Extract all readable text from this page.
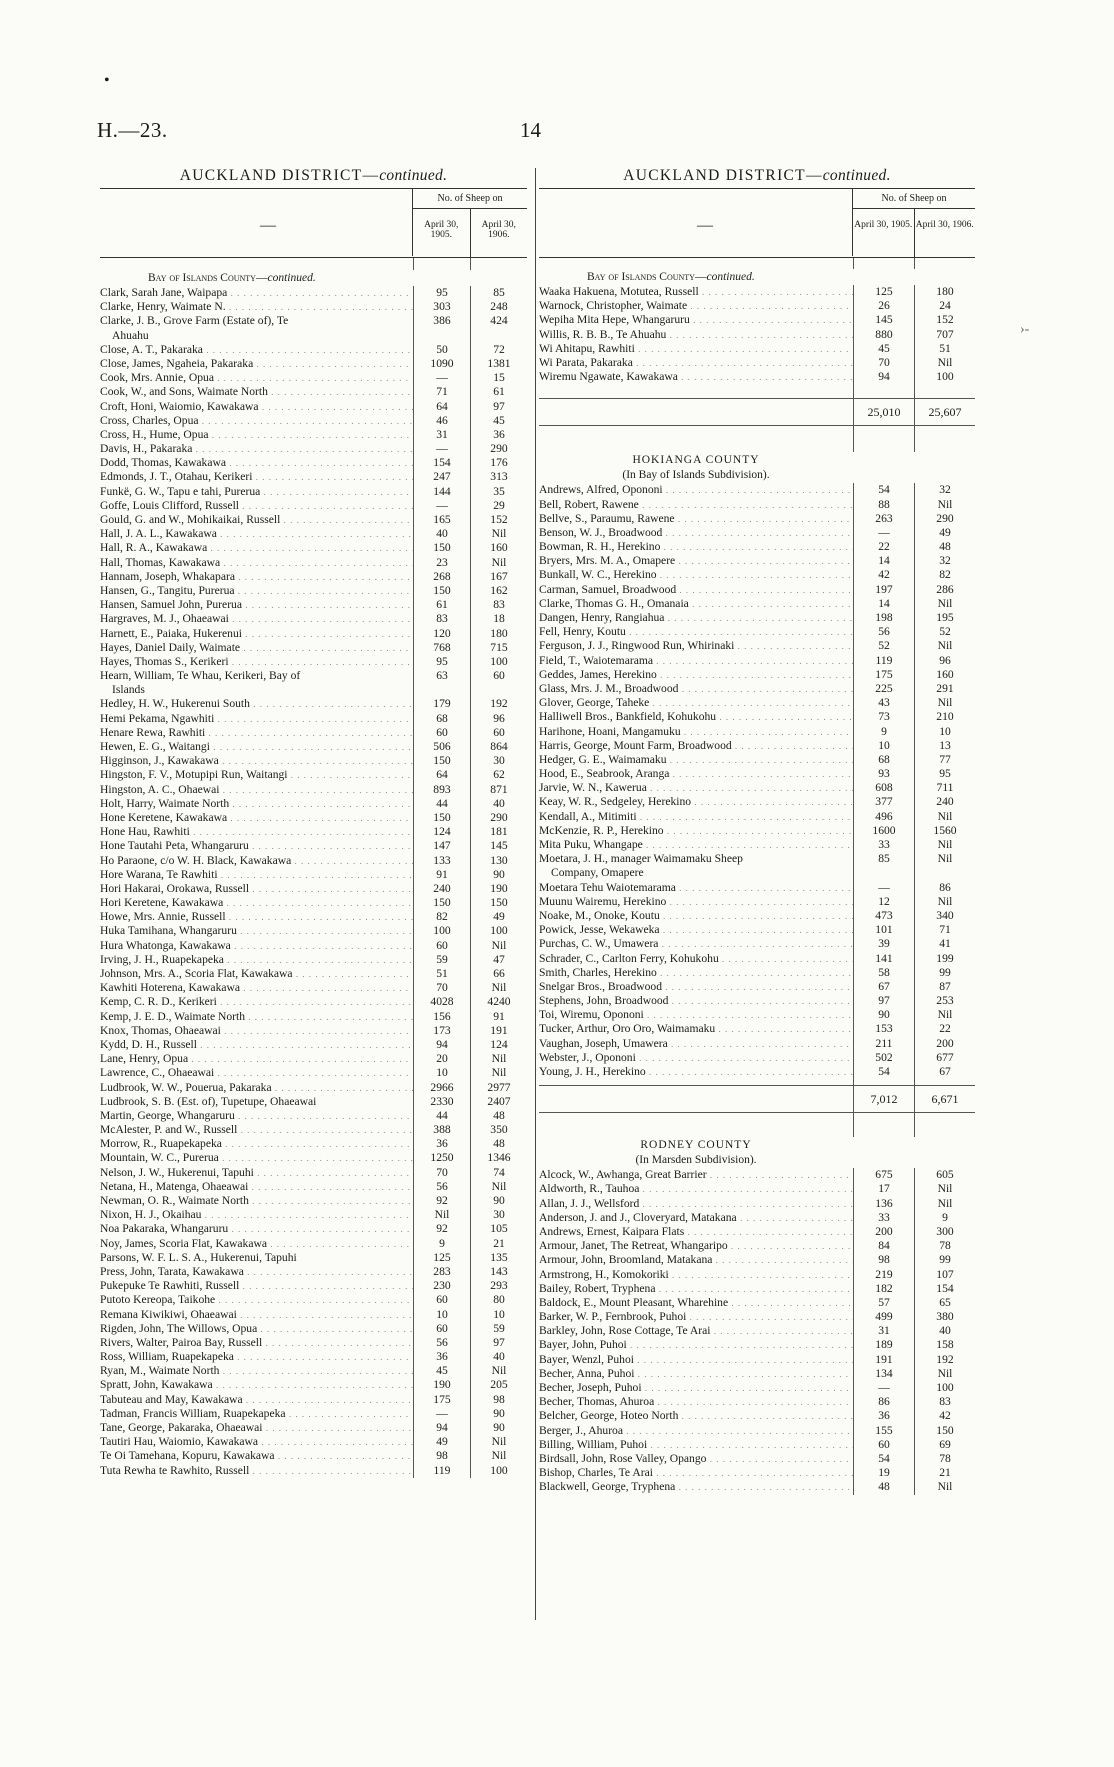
•
H.—23.	14
›-
AUCKLAND DISTRICT—continued.
—
No. of Sheep on
April 30, 1905.
April 30, 1906.
Bay of Islands County—continued.
Clark, Sarah Jane, Waipapa . . .	95	85
Clarke, Henry, Waimate N. . . .	303	248
Clarke, J. B., Grove Farm (Estate of), Te	386	424
Ahuahu
Close, A. T., Pakaraka . . .	50	72
Close, James, Ngaheia, Pakaraka . . .	1090	1381
Cook, Mrs. Annie, Opua . . .	—	15
Cook, W., and Sons, Waimate North . . .	71	61
Croft, Honi, Waiomio, Kawakawa . . .	64	97
Cross, Charles, Opua . . .	46	45
Cross, H., Hume, Opua . . .	31	36
Davis, H., Pakaraka . . .	—	290
Dodd, Thomas, Kawakawa . . .	154	176
Edmonds, J. T., Otahau, Kerikeri . . .	247	313
Funkë, G. W., Tapu e tahi, Purerua . . .	144	35
Goffe, Louis Clifford, Russell . . .	—	29
Gould, G. and W., Mohikaikai, Russell . . .	165	152
Hall, J. A. L., Kawakawa . . .	40	Nil
Hall, R. A., Kawakawa . . .	150	160
Hall, Thomas, Kawakawa . . .	23	Nil
Hannam, Joseph, Whakapara . . .	268	167
Hansen, G., Tangitu, Purerua . . .	150	162
Hansen, Samuel John, Purerua . . .	61	83
Hargraves, M. J., Ohaeawai . . .	83	18
Harnett, E., Paiaka, Hukerenui . . .	120	180
Hayes, Daniel Daily, Waimate . . .	768	715
Hayes, Thomas S., Kerikeri . . .	95	100
Hearn, William, Te Whau, Kerikeri, Bay of	63	60
Islands
Hedley, H. W., Hukerenui South . . .	179	192
Hemi Pekama, Ngawhiti . . .	68	96
Henare Rewa, Rawhiti . . .	60	60
Hewen, E. G., Waitangi . . .	506	864
Higginson, J., Kawakawa . . .	150	30
Hingston, F. V., Motupipi Run, Waitangi . . .	64	62
Hingston, A. C., Ohaewai . . .	893	871
Holt, Harry, Waimate North . . .	44	40
Hone Keretene, Kawakawa . . .	150	290
Hone Hau, Rawhiti . . .	124	181
Hone Tautahi Peta, Whangaruru . . .	147	145
Ho Paraone, c/o W. H. Black, Kawakawa . . .	133	130
Hore Warana, Te Rawhiti . . .	91	90
Hori Hakarai, Orokawa, Russell . . .	240	190
Hori Keretene, Kawakawa . . .	150	150
Howe, Mrs. Annie, Russell . . .	82	49
Huka Tamihana, Whangaruru . . .	100	100
Hura Whatonga, Kawakawa . . .	60	Nil
Irving, J. H., Ruapekapeka . . .	59	47
Johnson, Mrs. A., Scoria Flat, Kawakawa . . .	51	66
Kawhiti Hoterena, Kawakawa . . .	70	Nil
Kemp, C. R. D., Kerikeri . . .	4028	4240
Kemp, J. E. D., Waimate North . . .	156	91
Knox, Thomas, Ohaeawai . . .	173	191
Kydd, D. H., Russell . . .	94	124
Lane, Henry, Opua . . .	20	Nil
Lawrence, C., Ohaeawai . . .	10	Nil
Ludbrook, W. W., Pouerua, Pakaraka . . .	2966	2977
Ludbrook, S. B. (Est. of), Tupetupe, Ohaeawai	2330	2407
Martin, George, Whangaruru . . .	44	48
McAlester, P. and W., Russell . . .	388	350
Morrow, R., Ruapekapeka . . .	36	48
Mountain, W. C., Purerua . . .	1250	1346
Nelson, J. W., Hukerenui, Tapuhi . . .	70	74
Netana, H., Matenga, Ohaeawai . . .	56	Nil
Newman, O. R., Waimate North . . .	92	90
Nixon, H. J., Okaihau . . .	Nil	30
Noa Pakaraka, Whangaruru . . .	92	105
Noy, James, Scoria Flat, Kawakawa . . .	9	21
Parsons, W. F. L. S. A., Hukerenui, Tapuhi	125	135
Press, John, Tarata, Kawakawa . . .	283	143
Pukepuke Te Rawhiti, Russell . . .	230	293
Putoto Kereopa, Taikohe . . .	60	80
Remana Kiwikiwi, Ohaeawai . . .	10	10
Rigden, John, The Willows, Opua . . .	60	59
Rivers, Walter, Pairoa Bay, Russell . . .	56	97
Ross, William, Ruapekapeka . . .	36	40
Ryan, M., Waimate North . . .	45	Nil
Spratt, John, Kawakawa . . .	190	205
Tabuteau and May, Kawakawa . . .	175	98
Tadman, Francis William, Ruapekapeka . . .	—	90
Tane, George, Pakaraka, Ohaeawai . . .	94	90
Tautiri Hau, Waiomio, Kawakawa . . .	49	Nil
Te Oi Tamehana, Kopuru, Kawakawa . . .	98	Nil
Tuta Rewha te Rawhito, Russell . . .	119	100
AUCKLAND DISTRICT—continued.
—
No. of Sheep on
April 30, 1905. April 30, 1906.
Bay of Islands County—continued.
Waaka Hakuena, Motutea, Russell . . .	125	180
Warnock, Christopher, Waimate . . .	26	24
Wepiha Mita Hepe, Whangaruru . . .	145	152
Willis, R. B. B., Te Ahuahu . . .	880	707
Wi Ahitapu, Rawhiti . . .	45	51
Wi Parata, Pakaraka . . .	70	Nil
Wiremu Ngawate, Kawakawa . . .	94	100
25,010	25,607
HOKIANGA COUNTY
(In Bay of Islands Subdivision).
Andrews, Alfred, Opononi . . .	54	32
Bell, Robert, Rawene . . .	88	Nil
Bellve, S., Paraumu, Rawene . . .	263	290
Benson, W. J., Broadwood . . .	—	49
Bowman, R. H., Herekino . . .	22	48
Bryers, Mrs. M. A., Omapere . . .	14	32
Bunkall, W. C., Herekino . . .	42	82
Carman, Samuel, Broadwood . . .	197	286
Clarke, Thomas G. H., Omanaia . . .	14	Nil
Dangen, Henry, Rangiahua . . .	198	195
Fell, Henry, Koutu . . .	56	52
Ferguson, J. J., Ringwood Run, Whirinaki . . .	52	Nil
Field, T., Waiotemarama . . .	119	96
Geddes, James, Herekino . . .	175	160
Glass, Mrs. J. M., Broadwood . . .	225	291
Glover, George, Taheke . . .	43	Nil
Halliwell Bros., Bankfield, Kohukohu . . .	73	210
Harihone, Hoani, Mangamuku . . .	9	10
Harris, George, Mount Farm, Broadwood . . .	10	13
Hedger, G. E., Waimamaku . . .	68	77
Hood, E., Seabrook, Aranga . . .	93	95
Jarvie, W. N., Kaweruа . . .	608	711
Keay, W. R., Sedgeley, Herekino . . .	377	240
Kendall, A., Mitimiti . . .	496	Nil
McKenzie, R. P., Herekino . . .	1600	1560
Mita Puku, Whangape . . .	33	Nil
Moetara, J. H., manager Waimamaku Sheep	85	Nil
Company, Omapere
Moetara Tehu Waiotemarama . . .	—	86
Muunu Wairemu, Herekino . . .	12	Nil
Noake, M., Onoke, Koutu . . .	473	340
Powick, Jesse, Wekaweka . . .	101	71
Purchas, C. W., Umawera . . .	39	41
Schrader, C., Carlton Ferry, Kohukohu . . .	141	199
Smith, Charles, Herekino . . .	58	99
Snelgar Bros., Broadwood . . .	67	87
Stephens, John, Broadwood . . .	97	253
Toi, Wiremu, Opononi . . .	90	Nil
Tucker, Arthur, Oro Oro, Waimamaku . . .	153	22
Vaughan, Joseph, Umawera . . .	211	200
Webster, J., Opononi . . .	502	677
Young, J. H., Herekino . . .	54	67
7,012	6,671
RODNEY COUNTY
(In Marsden Subdivision).
Alcock, W., Awhanga, Great Barrier . . .	675	605
Aldworth, R., Tauhoa . . .	17	Nil
Allan, J. J., Wellsford . . .	136	Nil
Anderson, J. and J., Cloveryard, Matakana . . .	33	9
Andrews, Ernest, Kaipara Flats . . .	200	300
Armour, Janet, The Retreat, Whangaripo . . .	84	78
Armour, John, Broomland, Matakana . . .	98	99
Armstrong, H., Komokoriki . . .	219	107
Bailey, Robert, Tryphena . . .	182	154
Baldock, E., Mount Pleasant, Wharehine . . .	57	65
Barker, W. P., Fernbrook, Puhoi . . .	499	380
Barkley, John, Rose Cottage, Te Arai . . .	31	40
Bayer, John, Puhoi . . .	189	158
Bayer, Wenzl, Puhoi . . .	191	192
Becher, Anna, Puhoi . . .	134	Nil
Becher, Joseph, Puhoi . . .	—	100
Becher, Thomas, Ahuroa . . .	86	83
Belcher, George, Hoteo North . . .	36	42
Berger, J., Ahuroa . . .	155	150
Billing, William, Puhoi . . .	60	69
Birdsall, John, Rose Valley, Opango . . .	54	78
Bishop, Charles, Te Arai . . .	19	21
Blackwell, George, Tryphena . . .	48	Nil
